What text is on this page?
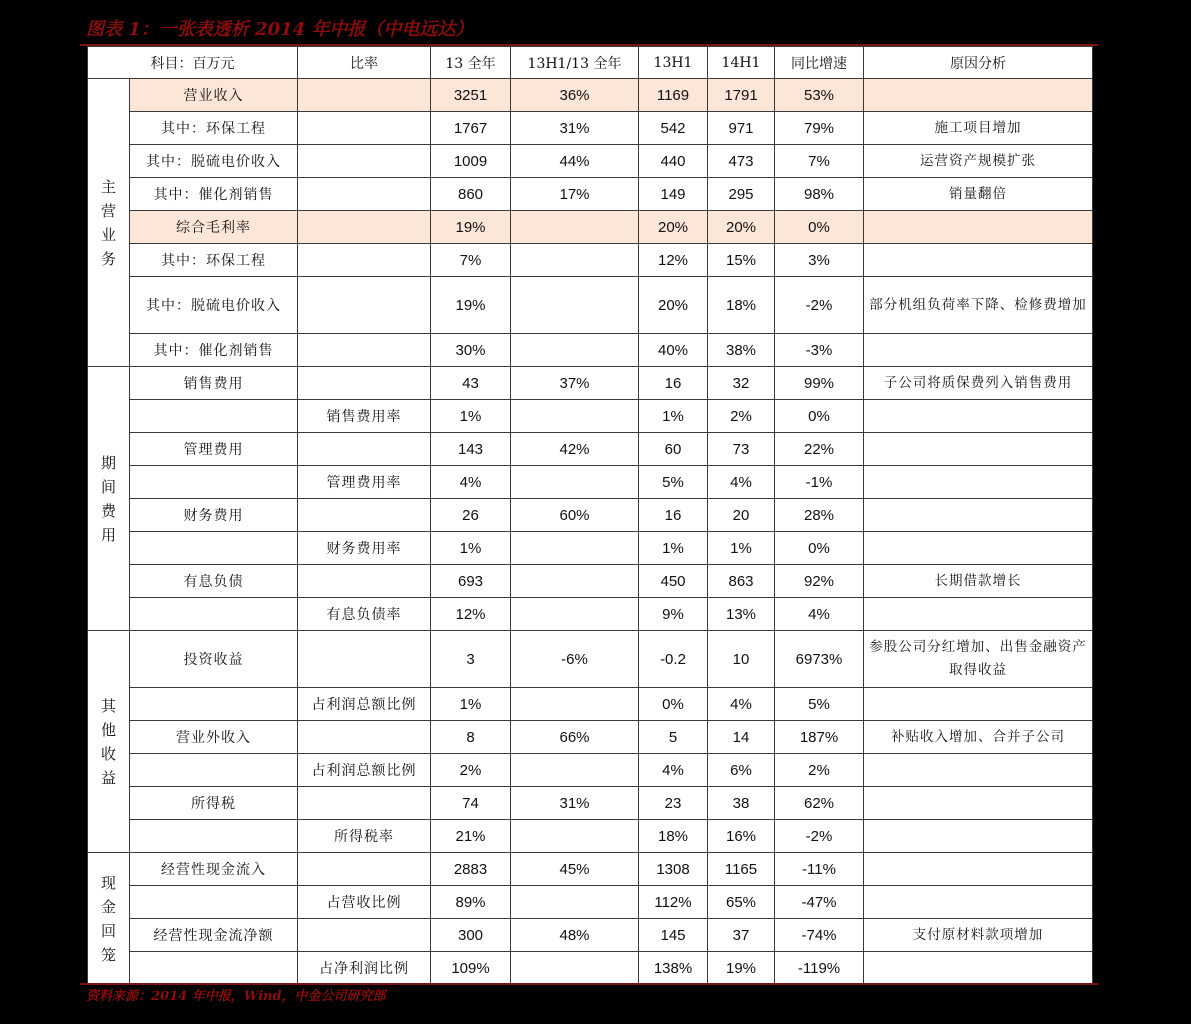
图表 1：一张表透析 2014 年中报（中电远达）
科目：百万元		比率	13 全年	13H1/13 全年	13H1	14H1	同比增速	原因分析

主
营
业
务	营业收入		3251	36%	1169	1791	53%	
	其中：环保工程		1767	31%	542	971	79%	施工项目增加
	其中：脱硫电价收入		1009	44%	440	473	7%	运营资产规模扩张
	其中：催化剂销售		860	17%	149	295	98%	销量翻倍
	综合毛利率		19%		20%	20%	0%	
	其中：环保工程		7%		12%	15%	3%	
	其中：脱硫电价收入		19%		20%	18%	-2%	部分机组负荷率下降、检修费增加
	其中：催化剂销售		30%		40%	38%	-3%	

期
间
费
用	销售费用		43	37%	16	32	99%	子公司将质保费列入销售费用
		销售费用率	1%		1%	2%	0%	
	管理费用		143	42%	60	73	22%	
		管理费用率	4%		5%	4%	-1%	
	财务费用		26	60%	16	20	28%	
		财务费用率	1%		1%	1%	0%	
	有息负债		693		450	863	92%	长期借款增长
		有息负债率	12%		9%	13%	4%	

其
他
收
益	投资收益		3	-6%	-0.2	10	6973%	参股公司分红增加、出售金融资产取得收益
		占利润总额比例	1%		0%	4%	5%	
	营业外收入		8	66%	5	14	187%	补贴收入增加、合并子公司
		占利润总额比例	2%		4%	6%	2%	
	所得税		74	31%	23	38	62%	
		所得税率	21%		18%	16%	-2%	

现
金
回
笼	经营性现金流入		2883	45%	1308	1165	-11%	
		占营收比例	89%		112%	65%	-47%	
	经营性现金流净额		300	48%	145	37	-74%	支付原材料款项增加
		占净利润比例	109%		138%	19%	-119%	
资料来源：2014 年中报，Wind，中金公司研究部
